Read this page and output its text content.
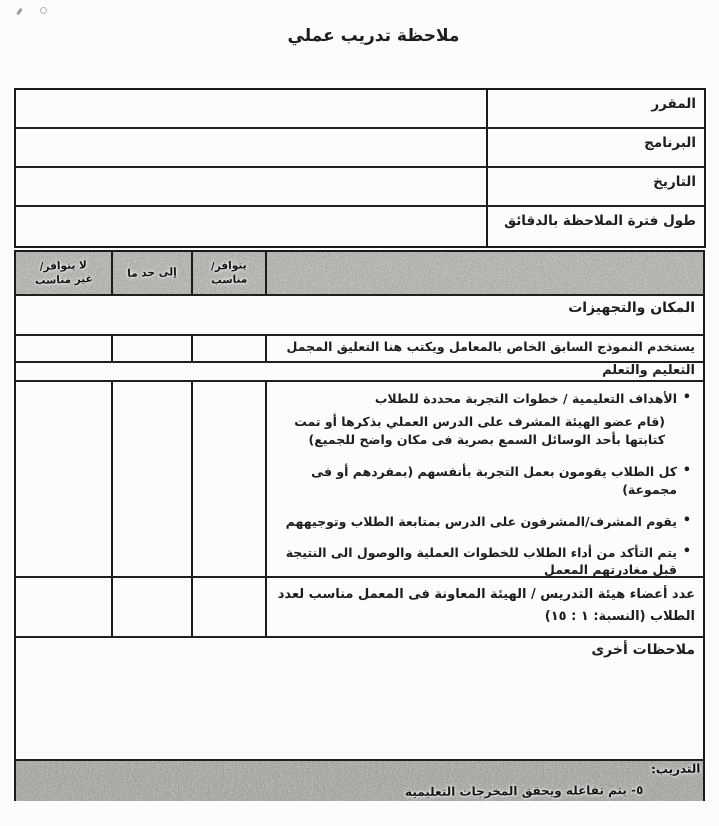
ملاحظة تدريب عملي
المقرر
البرنامج
التاريخ
طول فترة الملاحظة بالدقائق
لا يتوافر/
غير مناسب
إلى حد ما
يتوافر/
مناسب
المكان والتجهيزات
يستخدم النموذج السابق الخاص بالمعامل ويكتب هنا التعليق المجمل
التعليم والتعلم
• الأهداف التعليمية / خطوات التجربة محددة للطلاب
(قام عضو الهيئة المشرف على الدرس العملي بذكرها أو تمت كتابتها بأحد الوسائل السمع بصرية فى مكان واضح للجميع)
• كل الطلاب يقومون بعمل التجربة بأنفسهم (بمفردهم أو فى مجموعة)
• يقوم المشرف/المشرفون على الدرس بمتابعة الطلاب وتوجيههم
• يتم التأكد من أداء الطلاب للخطوات العملية والوصول الى النتيجة قبل مغادرتهم المعمل
عدد أعضاء هيئة التدريس / الهيئة المعاونة فى المعمل مناسب لعدد الطلاب (النسبة: ١ : ١٥)
ملاحظات أخرى
التدريب:
٥- يتم تفاعله ويحقق المخرجات التعليمية
